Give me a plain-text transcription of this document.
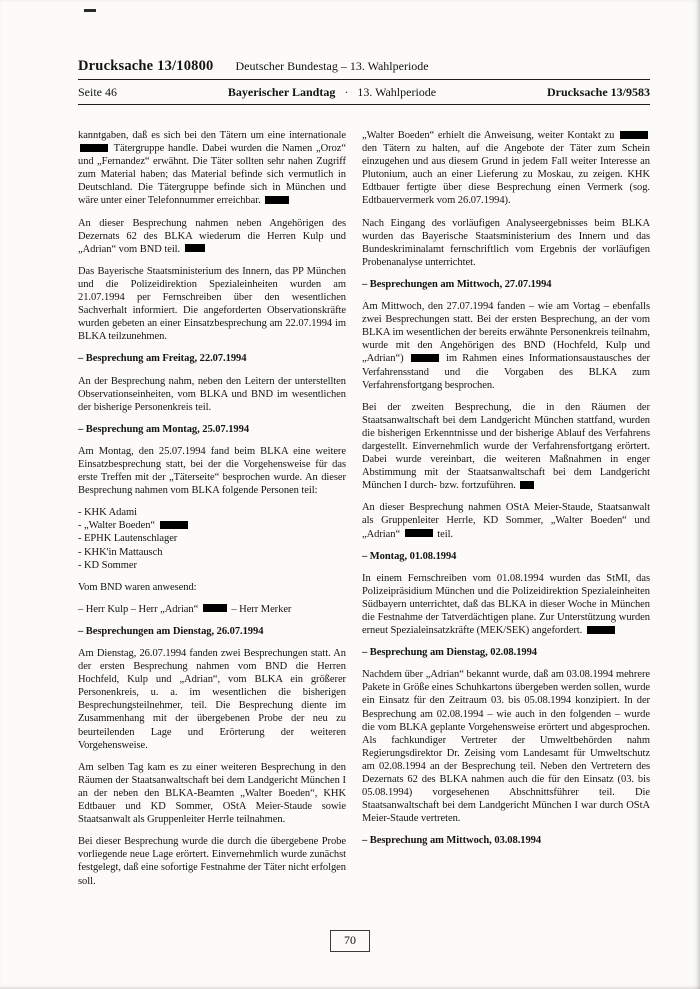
Drucksache 13/10800 Deutscher Bundestag – 13. Wahlperiode
Seite 46	Bayerischer Landtag · 13. Wahlperiode	Drucksache 13/9583

kanntgaben, daß es sich bei den Tätern um eine internationale  Tätergruppe handle. Dabei wurden die Namen „Oroz“ und „Fernandez“ erwähnt. Die Täter sollten sehr nahen Zugriff zum Material haben; das Material befinde sich vermutlich in Deutschland. Die Tätergruppe befinde sich in München und wäre unter einer Telefonnummer erreichbar.

An dieser Besprechung nahmen neben Angehörigen des Dezernats 62 des BLKA wiederum die Herren Kulp und „Adrian“ vom BND teil.

Das Bayerische Staatsministerium des Innern, das PP München und die Polizeidirektion Spezialeinheiten wurden am 21.07.1994 per Fernschreiben über den wesentlichen Sachverhalt informiert. Die angeforderten Observationskräfte wurden gebeten an einer Einsatzbesprechung am 22.07.1994 im BLKA teilzunehmen.

– Besprechung am Freitag, 22.07.1994

An der Besprechung nahm, neben den Leitern der unterstellten Observationseinheiten, vom BLKA und BND im wesentlichen der bisherige Personenkreis teil.

– Besprechung am Montag, 25.07.1994

Am Montag, den 25.07.1994 fand beim BLKA eine weitere Einsatzbesprechung statt, bei der die Vorgehensweise für das erste Treffen mit der „Täterseite“ besprochen wurde. An dieser Besprechung nahmen vom BLKA folgende Personen teil:

- KHK Adami

- „Walter Boeden“

- EPHK Lautenschlager

- KHK'in Mattausch

- KD Sommer

Vom BND waren anwesend:

– Herr Kulp – Herr „Adrian“	– Herr Merker

– Besprechungen am Dienstag, 26.07.1994

Am Dienstag, 26.07.1994 fanden zwei Besprechungen statt. An der ersten Besprechung nahmen vom BND die Herren Hochfeld, Kulp und „Adrian“, vom BLKA ein größerer Personenkreis, u. a. im wesentlichen die bisherigen Besprechungsteilnehmer, teil. Die Besprechung diente im Zusammenhang mit der übergebenen Probe der neu zu beurteilenden Lage und Erörterung der weiteren Vorgehensweise.

Am selben Tag kam es zu einer weiteren Besprechung in den Räumen der Staatsanwaltschaft bei dem Landgericht München I an der neben den BLKA-Beamten „Walter Boeden“, KHK Edtbauer und KD Sommer, OStA Meier-Staude sowie Staatsanwalt als Gruppenleiter Herrle teilnahmen.

Bei dieser Besprechung wurde die durch die übergebene Probe vorliegende neue Lage erörtert. Einvernehmlich wurde zunächst festgelegt, daß eine sofortige Festnahme der Täter nicht erfolgen soll.

„Walter Boeden“ erhielt die Anweisung, weiter Kontakt zu  den Tätern zu halten, auf die Angebote der Täter zum Schein einzugehen und aus diesem Grund in jedem Fall weiter Interesse an Plutonium, auch an einer Lieferung zu Moskau, zu zeigen. KHK Edtbauer fertigte über diese Besprechung einen Vermerk (sog. Edtbauervermerk vom 26.07.1994).

Nach Eingang des vorläufigen Analyseergebnisses beim BLKA wurden das Bayerische Staatsministerium des Innern und das Bundeskriminalamt fernschriftlich vom Ergebnis der vorläufigen Probenanalyse unterrichtet.

– Besprechungen am Mittwoch, 27.07.1994

Am Mittwoch, den 27.07.1994 fanden – wie am Vortag – ebenfalls zwei Besprechungen statt. Bei der ersten Besprechung, an der vom BLKA im wesentlichen der bereits erwähnte Personenkreis teilnahm, wurde mit den Angehörigen des BND (Hochfeld, Kulp und „Adrian“)	im Rahmen eines Informationsaustausches der Verfahrensstand und die Vorgaben des BLKA zum Verfahrensfortgang besprochen.

Bei der zweiten Besprechung, die in den Räumen der Staatsanwaltschaft bei dem Landgericht München stattfand, wurden die bisherigen Erkenntnisse und der bisherige Ablauf des Verfahrens dargestellt. Einvernehmlich wurde der Verfahrensfortgang erörtert. Dabei wurde vereinbart, die weiteren Maßnahmen in enger Abstimmung mit der Staatsanwaltschaft bei dem Landgericht München I durch- bzw. fortzuführen.

An dieser Besprechung nahmen OStA Meier-Staude, Staatsanwalt als Gruppenleiter Herrle, KD Sommer, „Walter Boeden“ und „Adrian“	teil.

– Montag, 01.08.1994

In einem Fernschreiben vom 01.08.1994 wurden das StMI, das Polizeipräsidium München und die Polizeidirektion Spezialeinheiten Südbayern unterrichtet, daß das BLKA in dieser Woche in München die Festnahme der Tatverdächtigen plane. Zur Unterstützung wurden erneut Spezialeinsatzkräfte (MEK/SEK) angefordert.

– Besprechung am Dienstag, 02.08.1994

Nachdem über „Adrian“ bekannt wurde, daß am 03.08.1994 mehrere Pakete in Größe eines Schuhkartons übergeben werden sollen, wurde ein Einsatz für den Zeitraum 03. bis 05.08.1994 konzipiert. In der Besprechung am 02.08.1994 – wie auch in den folgenden – wurde die vom BLKA geplante Vorgehensweise erörtert und abgesprochen. Als fachkundiger Vertreter der Umweltbehörden nahm Regierungsdirektor Dr. Zeising vom Landesamt für Umweltschutz am 02.08.1994 an der Besprechung teil. Neben den Vertretern des Dezernats 62 des BLKA nahmen auch die für den Einsatz (03. bis 05.08.1994) vorgesehenen Abschnittsführer teil. Die Staatsanwaltschaft bei dem Landgericht München I war durch OStA Meier-Staude vertreten.

– Besprechung am Mittwoch, 03.08.1994

70
